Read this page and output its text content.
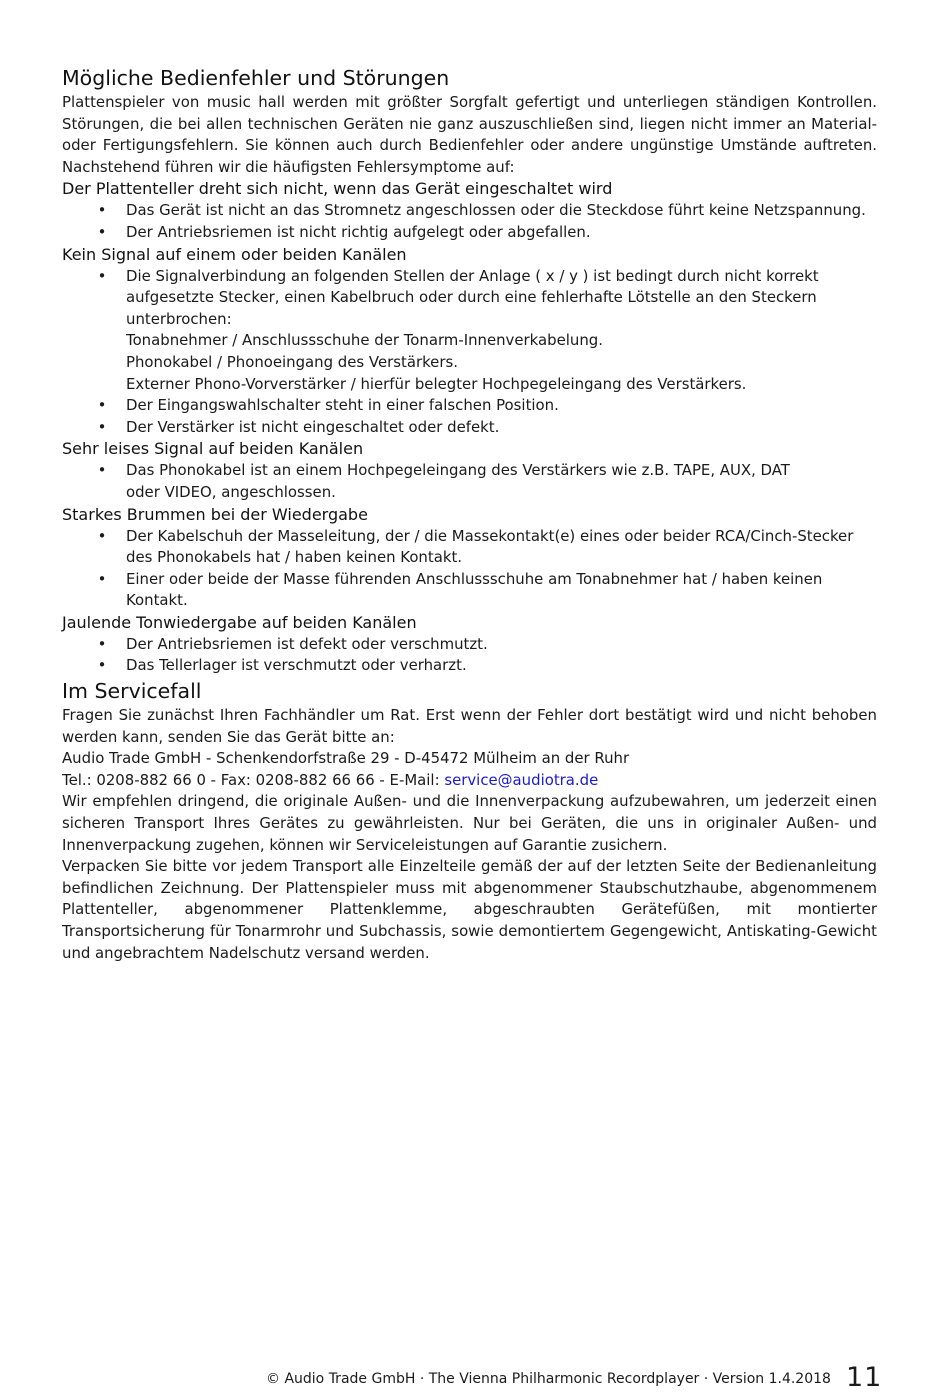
Mögliche Bedienfehler und Störungen

Plattenspieler von music hall werden mit größter Sorgfalt gefertigt und unterliegen ständigen Kontrollen. Störungen, die bei allen technischen Geräten nie ganz auszuschließen sind, liegen nicht immer an Material- oder Fertigungsfehlern. Sie können auch durch Bedienfehler oder andere ungünstige Umstände auftreten. Nachstehend führen wir die häufigsten Fehlersymptome auf:

Der Plattenteller dreht sich nicht, wenn das Gerät eingeschaltet wird

• Das Gerät ist nicht an das Stromnetz angeschlossen oder die Steckdose führt keine Netzspannung.
• Der Antriebsriemen ist nicht richtig aufgelegt oder abgefallen.

Kein Signal auf einem oder beiden Kanälen

• Die Signalverbindung an folgenden Stellen der Anlage ( x / y ) ist bedingt durch nicht korrekt aufgesetzte Stecker, einen Kabelbruch oder durch eine fehlerhafte Lötstelle an den Steckern unterbrochen:
Tonabnehmer / Anschlussschuhe der Tonarm-Innenverkabelung.
Phonokabel / Phonoeingang des Verstärkers.
Externer Phono-Vorverstärker / hierfür belegter Hochpegeleingang des Verstärkers.
• Der Eingangswahlschalter steht in einer falschen Position.
• Der Verstärker ist nicht eingeschaltet oder defekt.

Sehr leises Signal auf beiden Kanälen

• Das Phonokabel ist an einem Hochpegeleingang des Verstärkers wie z.B. TAPE, AUX, DAT oder VIDEO, angeschlossen.

Starkes Brummen bei der Wiedergabe

• Der Kabelschuh der Masseleitung, der / die Massekontakt(e) eines oder beider RCA/Cinch-Stecker des Phonokabels hat / haben keinen Kontakt.
• Einer oder beide der Masse führenden Anschlussschuhe am Tonabnehmer hat / haben keinen Kontakt.

Jaulende Tonwiedergabe auf beiden Kanälen

• Der Antriebsriemen ist defekt oder verschmutzt.
• Das Tellerlager ist verschmutzt oder verharzt.

Im Servicefall

Fragen Sie zunächst Ihren Fachhändler um Rat. Erst wenn der Fehler dort bestätigt wird und nicht behoben werden kann, senden Sie das Gerät bitte an:

Audio Trade GmbH - Schenkendorfstraße 29 - D-45472 Mülheim an der Ruhr

Tel.: 0208-882 66 0 - Fax: 0208-882 66 66 - E-Mail: service@audiotra.de

Wir empfehlen dringend, die originale Außen- und die Innenverpackung aufzubewahren, um jederzeit einen sicheren Transport Ihres Gerätes zu gewährleisten. Nur bei Geräten, die uns in originaler Außen- und Innenverpackung zugehen, können wir Serviceleistungen auf Garantie zusichern.

Verpacken Sie bitte vor jedem Transport alle Einzelteile gemäß der auf der letzten Seite der Bedienanleitung befindlichen Zeichnung. Der Plattenspieler muss mit abgenommener Staubschutzhaube, abgenommenem Plattenteller, abgenommener Plattenklemme, abgeschraubten Gerätefüßen, mit montierter Transportsicherung für Tonarmrohr und Subchassis, sowie demontiertem Gegengewicht, Antiskating-Gewicht und angebrachtem Nadelschutz versand werden.

© Audio Trade GmbH · The Vienna Philharmonic Recordplayer · Version 1.4.2018 11
